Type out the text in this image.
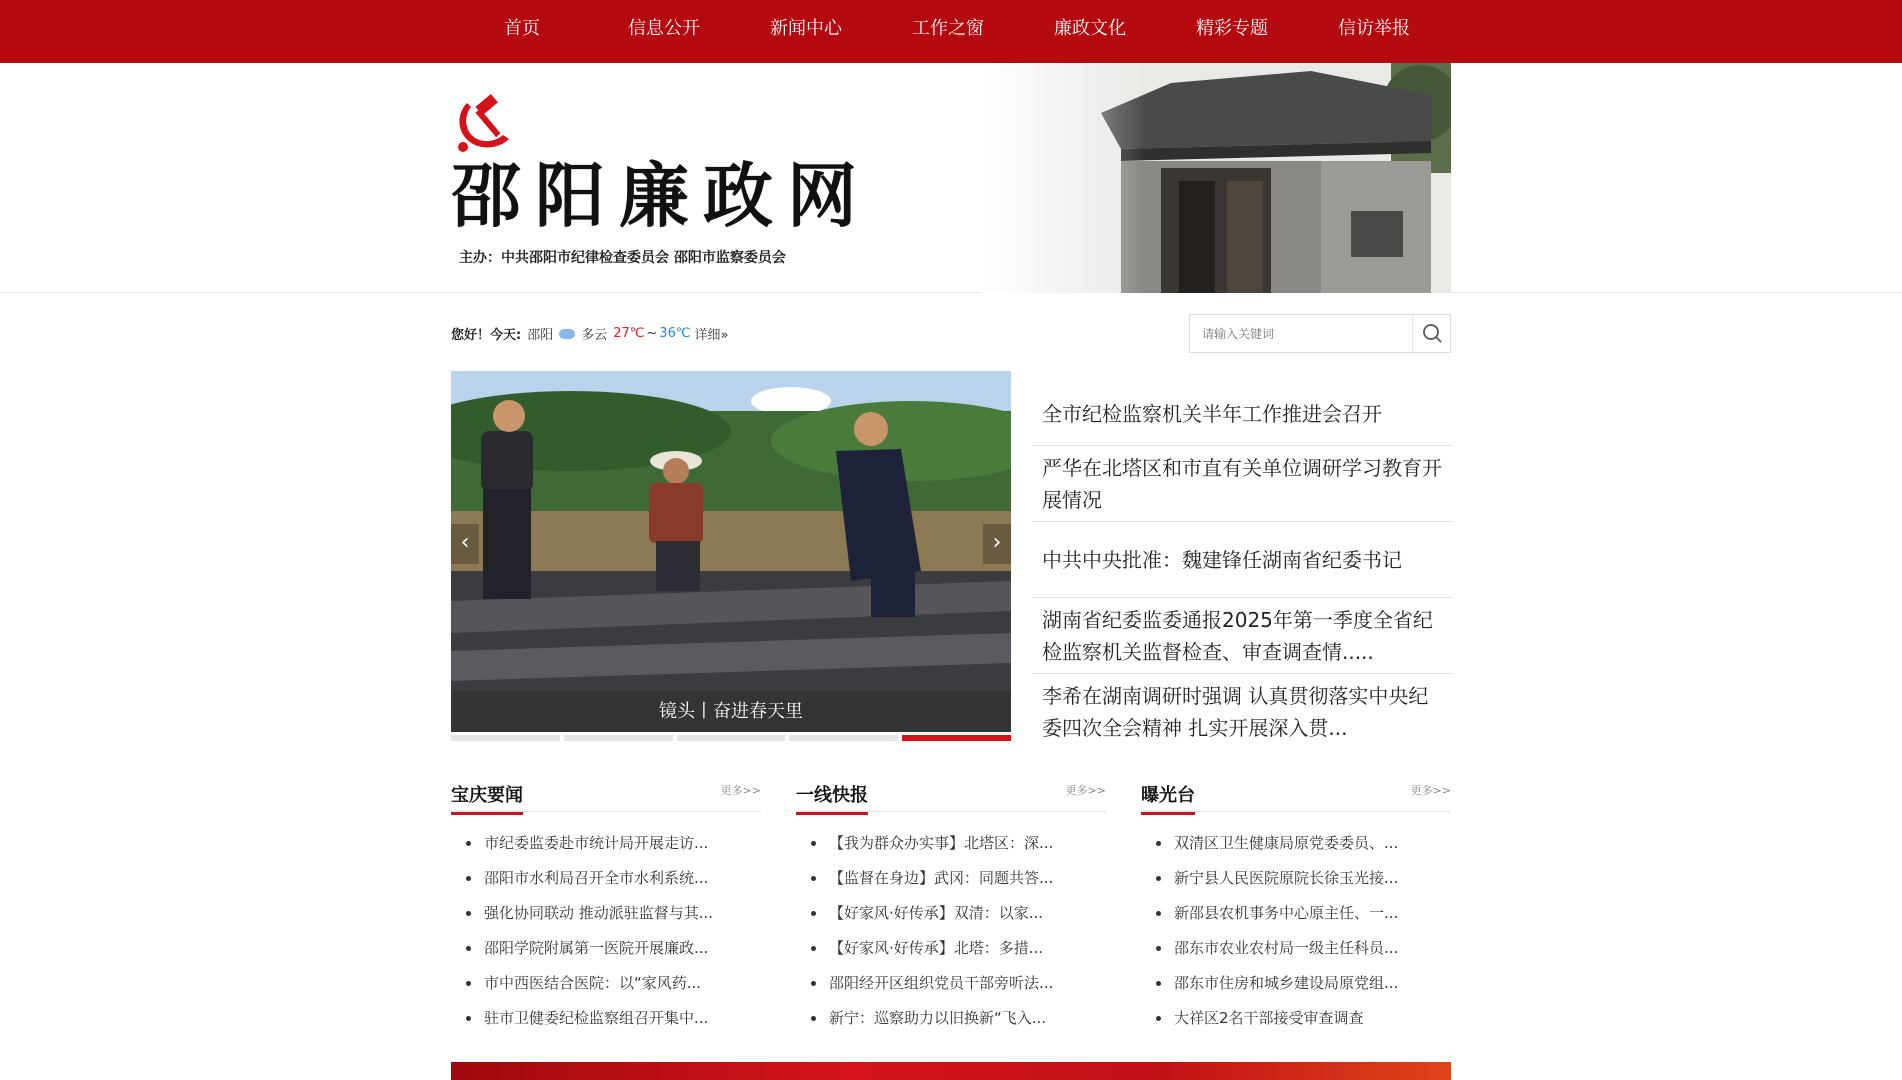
首页	信息公开	新闻中心	工作之窗	廉政文化	精彩专题	信访举报
邵阳廉政网
主办：中共邵阳市纪律检查委员会 邵阳市监察委员会
您好！今天: 邵阳 多云 27℃ ~ 36℃ 详细»
请输入关键词
镜头丨奋进春天里
‹	›
全市纪检监察机关半年工作推进会召开
严华在北塔区和市直有关单位调研学习教育开展情况
中共中央批准：魏建锋任湖南省纪委书记
湖南省纪委监委通报2025年第一季度全省纪检监察机关监督检查、审查调查情.....
李希在湖南调研时强调 认真贯彻落实中央纪委四次全会精神 扎实开展深入贯...
宝庆要闻	更多>>
市纪委监委赴市统计局开展走访...
邵阳市水利局召开全市水利系统...
强化协同联动 推动派驻监督与其...
邵阳学院附属第一医院开展廉政...
市中西医结合医院：以“家风药...
驻市卫健委纪检监察组召开集中...
一线快报	更多>>
【我为群众办实事】北塔区：深...
【监督在身边】武冈：同题共答...
【好家风·好传承】双清：以家...
【好家风·好传承】北塔：多措...
邵阳经开区组织党员干部旁听法...
新宁：巡察助力以旧换新“飞入...
曝光台	更多>>
双清区卫生健康局原党委委员、...
新宁县人民医院原院长徐玉光接...
新邵县农机事务中心原主任、一...
邵东市农业农村局一级主任科员...
邵东市住房和城乡建设局原党组...
大祥区2名干部接受审查调查
